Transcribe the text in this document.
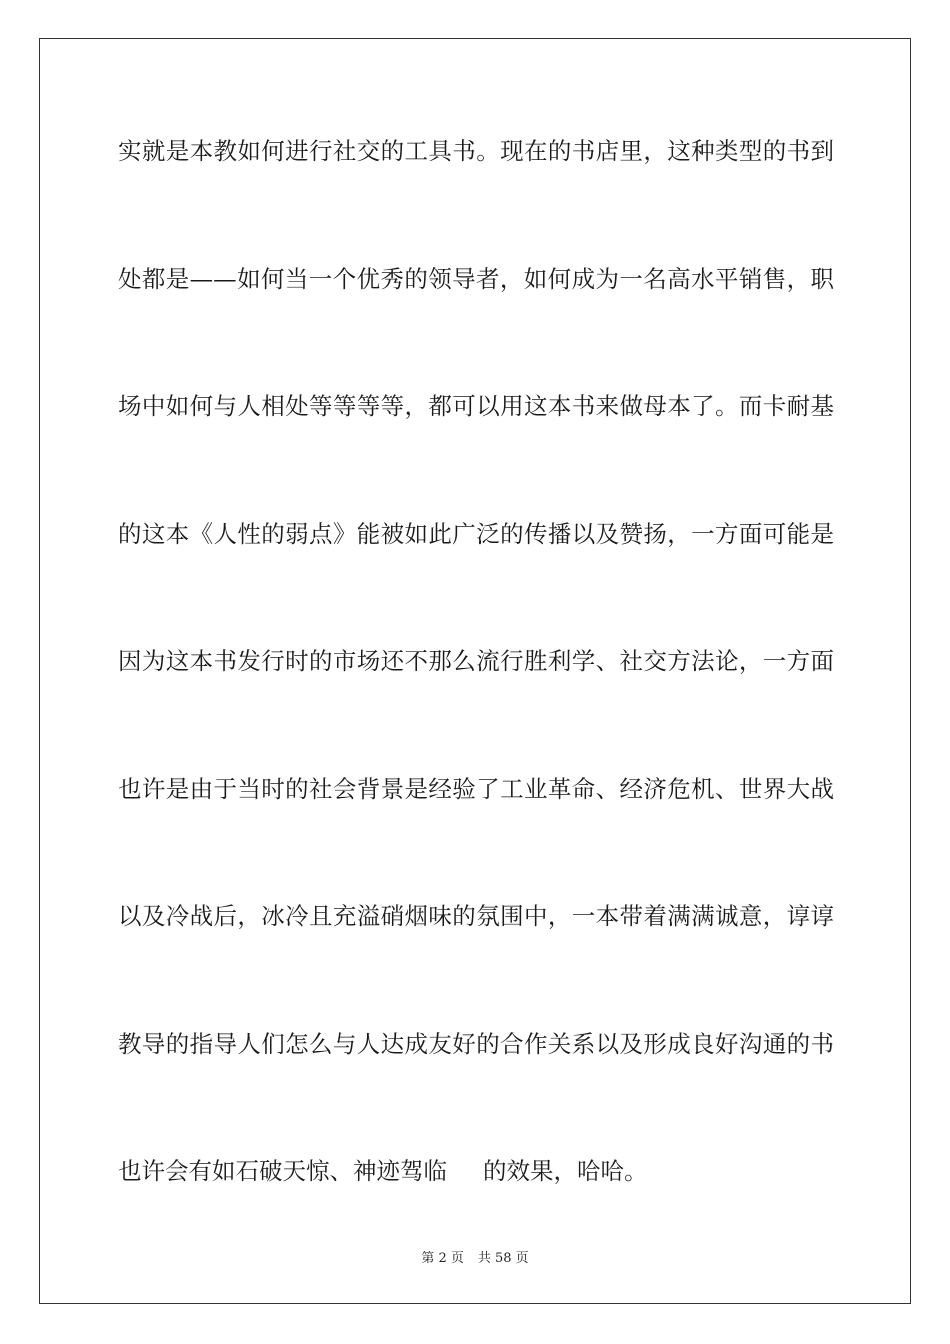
实就是本教如何进行社交的工具书。现在的书店里，这种类型的书到

处都是——如何当一个优秀的领导者，如何成为一名高水平销售，职

场中如何与人相处等等等等，都可以用这本书来做母本了。而卡耐基

的这本《人性的弱点》能被如此广泛的传播以及赞扬，一方面可能是

因为这本书发行时的市场还不那么流行胜利学、社交方法论，一方面

也许是由于当时的社会背景是经验了工业革命、经济危机、世界大战

以及冷战后，冰冷且充溢硝烟味的氛围中，一本带着满满诚意，谆谆

教导的指导人们怎么与人达成友好的合作关系以及形成良好沟通的书

也许会有如石破天惊、神迹驾临 的效果，哈哈。

第 2 页 共 58 页
